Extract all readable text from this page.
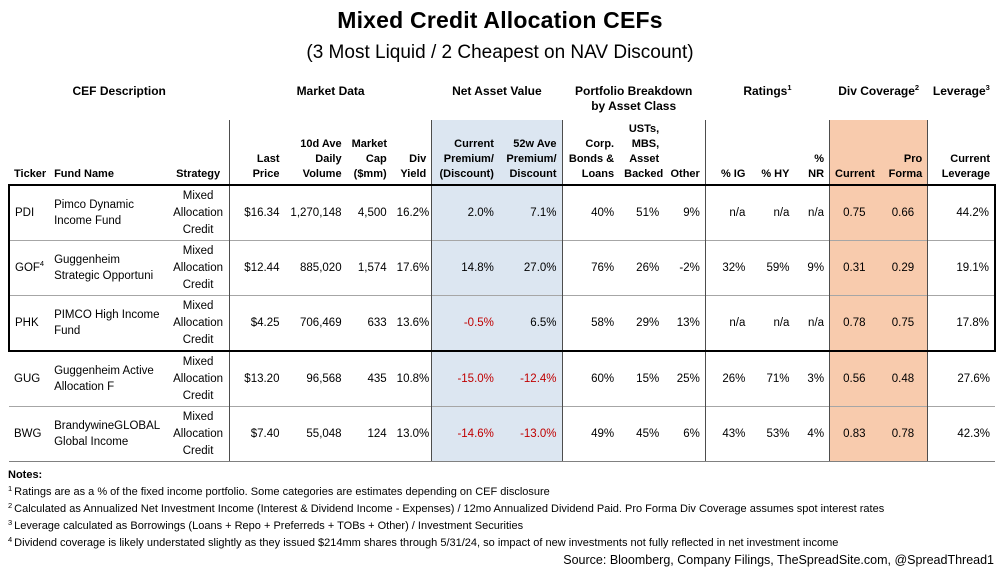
Mixed Credit Allocation CEFs
(3 Most Liquid / 2 Cheapest on NAV Discount)
CEF Description			Market Data				Net Asset Value		Portfolio Breakdown by Asset Class			Ratings$^1$			Div Coverage$^2$		Leverage$^3$
Ticker	Fund Name	Strategy	Last Price	10d Ave Daily Volume	Market Cap ($mm)	Div Yield	Current Premium/ (Discount)	52w Ave Premium/ Discount	Corp. Bonds & Loans	USTs, MBS, Asset Backed	Other	% IG	% HY	% NR	Current	Pro Forma	Current Leverage
PDI	Pimco Dynamic Income Fund	Mixed Allocation Credit	$16.34	1,270,148	4,500	16.2%	2.0%	7.1%	40%	51%	9%	n/a	n/a	n/a	0.75	0.66	44.2%
GOF$^4$	Guggenheim Strategic Opportuni	Mixed Allocation Credit	$12.44	885,020	1,574	17.6%	14.8%	27.0%	76%	26%	-2%	32%	59%	9%	0.31	0.29	19.1%
PHK	PIMCO High Income Fund	Mixed Allocation Credit	$4.25	706,469	633	13.6%	-0.5%	6.5%	58%	29%	13%	n/a	n/a	n/a	0.78	0.75	17.8%
GUG	Guggenheim Active Allocation F	Mixed Allocation Credit	$13.20	96,568	435	10.8%	-15.0%	-12.4%	60%	15%	25%	26%	71%	3%	0.56	0.48	27.6%
BWG	BrandywineGLOBAL Global Income	Mixed Allocation Credit	$7.40	55,048	124	13.0%	-14.6%	-13.0%	49%	45%	6%	43%	53%	4%	0.83	0.78	42.3%
Notes:
$^1$ Ratings are as a % of the fixed income portfolio. Some categories are estimates depending on CEF disclosure
$^2$ Calculated as Annualized Net Investment Income (Interest & Dividend Income - Expenses) / 12mo Annualized Dividend Paid. Pro Forma Div Coverage assumes spot interest rates
$^3$ Leverage calculated as Borrowings (Loans + Repo + Preferreds + TOBs + Other) / Investment Securities
$^4$ Dividend coverage is likely understated slightly as they issued $214mm shares through 5/31/24, so impact of new investments not fully reflected in net investment income
Source: Bloomberg, Company Filings, TheSpreadSite.com, @SpreadThread1
